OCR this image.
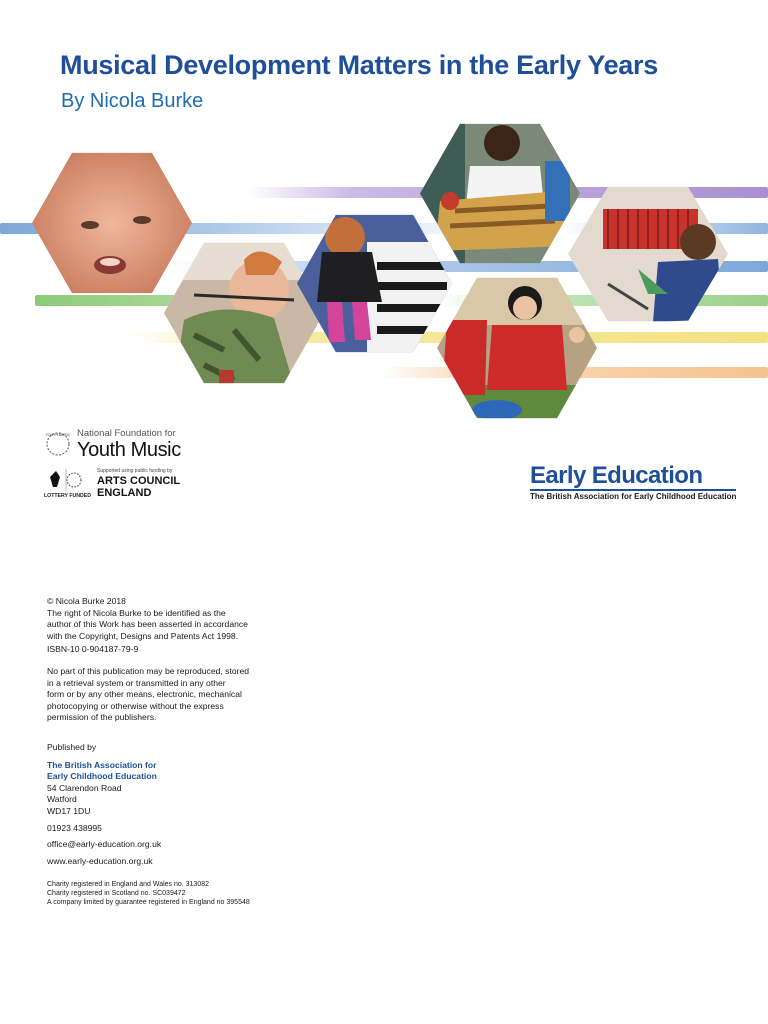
Musical Development Matters in the Early Years
By Nicola Burke
YOUTH MUSIC National Foundation for
Youth Music
LOTTERY FUNDED
Supported using public funding by
ARTS COUNCIL
ENGLAND
Early Education
The British Association for Early Childhood Education

© Nicola Burke 2018

The right of Nicola Burke to be identified as the

author of this Work has been asserted in accordance

with the Copyright, Designs and Patents Act 1998.

ISBN-10 0-904187-79-9

No part of this publication may be reproduced, stored

in a retrieval system or transmitted in any other

form or by any other means, electronic, mechanical

photocopying or otherwise without the express

permission of the publishers.

Published by

The British Association for

Early Childhood Education

54 Clarendon Road

Watford

WD17 1DU

01923 438995

office@early-education.org.uk

www.early-education.org.uk

Charity registered in England and Wales no. 313082

Charity registered in Scotland no. SC039472

A company limited by guarantee registered in England no 395548
